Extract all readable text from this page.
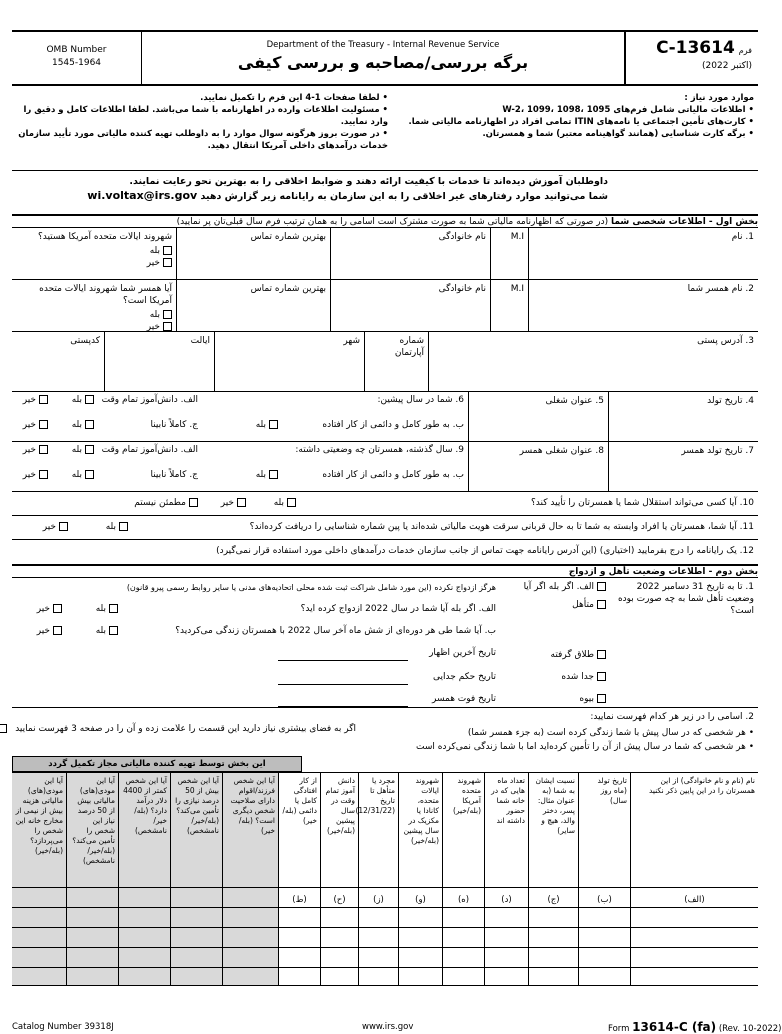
OMB Number
1545-1964
Department of the Treasury - Internal Revenue Service
برگه بررسی/مصاحبه و بررسی کیفی
فرم13614-C
(اکتبر 2022)
موارد مورد نیاز :
• اطلاعات مالیاتی شامل فرم‌های W-2، 1099، 1098، 1095
• کارت‌های تأمین اجتماعی یا نامه‌های ITIN تمامی افراد در اظهارنامه مالیاتی شما.
• برگه کارت شناسایی (همانند گواهینامه معتبر) شما و همسرتان.
• لطفا صفحات 1-4 این فرم را تکمیل نمایید.
• مسئولیت اطلاعات وارده در اظهارنامه با شما می‌باشد. لطفا اطلاعات کامل و دقیق را وارد نمایید.
• در صورت بروز هرگونه سوال موارد را به داوطلب تهیه کننده مالیاتی مورد تأیید سازمان خدمات درآمدهای داخلی آمریکا انتقال دهید.
داوطلبان آموزش دیده‌اند تا خدمات با کیفیت ارائه دهند و ضوابط اخلاقی را به بهترین نحو رعایت نمایند.
شما می‌توانید موارد رفتارهای غیر اخلاقی را به این سازمان به رایانامه زیر گزارش دهید wi.voltax@irs.gov
بخش اول - اطلاعات شخصی شما (در صورتی که اظهارنامه مالیاتی شما به صورت مشترک است اسامی را به همان ترتیب فرم سال قبلی‌تان پر نمایید)
1. نام
M.I
نام خانوادگی
بهترین شماره تماس
شهروند ایالات متحده آمریکا هستید؟
بله
خیر
2. نام همسر شما
M.I
نام خانوادگی
بهترین شماره تماس
آیا همسر شما شهروند ایالات متحده آمریکا است؟
بله
خیر
3. آدرس پستی
شماره آپارتمان
شهر
ایالت
کدپستی
4. تاریخ تولد
5. عنوان شغلی
6. شما در سال پیشین:
ب. به طور کامل و دائمی از کار افتاده
بله
الف. دانش‌آموز تمام وقت
ج. کاملاً نابینا
بله
بله
خیر
خیر
7. تاریخ تولد همسر
8. عنوان شغلی همسر
9. سال گذشته، همسرتان چه وضعیتی داشته:
ب. به طور کامل و دائمی از کار افتاده
بله
الف. دانش‌آموز تمام وقت
ج. کاملاً نابینا
بله
بله
خیر
خیر
10. آیا کسی می‌تواند استقلال شما یا همسرتان را تأیید کند؟
بله
خیر
مطمئن نیستم
11. آیا شما، همسرتان یا افراد وابسته به شما تا به حال قربانی سرقت هویت مالیاتی شده‌اند یا پین شماره شناسایی را دریافت کرده‌اند؟
بله
خیر
12. یک رایانامه را درج بفرمایید (اختیاری) (این آدرس رایانامه جهت تماس از جانب سازمان خدمات درآمدهای داخلی مورد استفاده قرار نمی‌گیرد)
بخش دوم - اطلاعات وضعیت تأهل و ازدواج
1. تا به تاریخ 31 دسامبر 2022 وضعیت تأهل شما به چه صورت بوده است؟
الف. اگر بله اگر آیا
متأهل
طلاق گرفته
جدا شده
بیوه
هرگز ازدواج نکرده (این مورد شامل شراکت ثبت شده محلی اتحادیه‌های مدنی یا سایر روابط رسمی پیرو قانون)
الف. اگر بله آیا شما در سال 2022 ازدواج کرده اید؟
ب. آیا شما طی هر دوره‌ای از شش ماه آخر سال 2022 با همسرتان زندگی می‌کردید؟
بله
خیر
بله
خیر
تاریخ آخرین اظهار
تاریخ حکم جدایی
تاریخ فوت همسر
2. اسامی را در زیر هر کدام فهرست نمایید:
• هر شخصی که در سال پیش با شما زندگی کرده است (به جزء همسر شما)
• هر شخصی که شما در سال پیش از آن را تأمین کرده‌اید اما با شما زندگی نمی‌کرده است
اگر به فضای بیشتری نیاز دارید این قسمت را علامت زده و آن را در صفحه 3 فهرست نمایید
این بخش توسط تهیه کننده مالیاتی مجاز تکمیل گردد
نام (نام و نام خانوادگی) از این همسرتان را در این پایین ذکر نکنید
(الف)
تاریخ تولد (ماه روز سال)
(ب)
نسبت ایشان به شما (به عنوان مثال: پسر، دختر والد، هیچ و سایر)
(ج)
تعداد ماه هایی که در خانه شما حضور داشته اند
(د)
شهروند متحده آمریکا (بله/خیر)
(ه)
شهروند ایالات متحده، کانادا یا مکزیک در سال پیشین (بله/خیر)
(و)
مجرد یا متأهل تا تاریخ (12/31/22)
(ز)
دانش آموز تمام وقت در سال پیشین (بله/خیر)
(ح)
از کار افتادگی کامل یا دائمی (بله/خیر)
(ط)
آیا این شخص فرزند/اقوام دارای صلاحیت شخص دیگری است؟ (بله/خیر)
آیا این شخص بیش از 50 درصد نیازی را تأمین می‌کند؟ (بله/خیر/ نامشخص)
آیا این شخص کمتر از 4400 دلار درآمد دارد؟ (بله/خیر/ نامشخص)
آیا این مودی(های) مالیاتی بیش از 50 درصد نیاز این شخص را تأمین می‌کند؟ (بله/خیر/ نامشخص)
آیا این مودی(های) مالیاتی هزینه بیش از نیمی از مخارج خانه این شخص را می‌پردازد؟ (بله/خیر)
Catalog Number 39318J	www.irs.gov	Form 13614-C (fa) (Rev. 10-2022)
